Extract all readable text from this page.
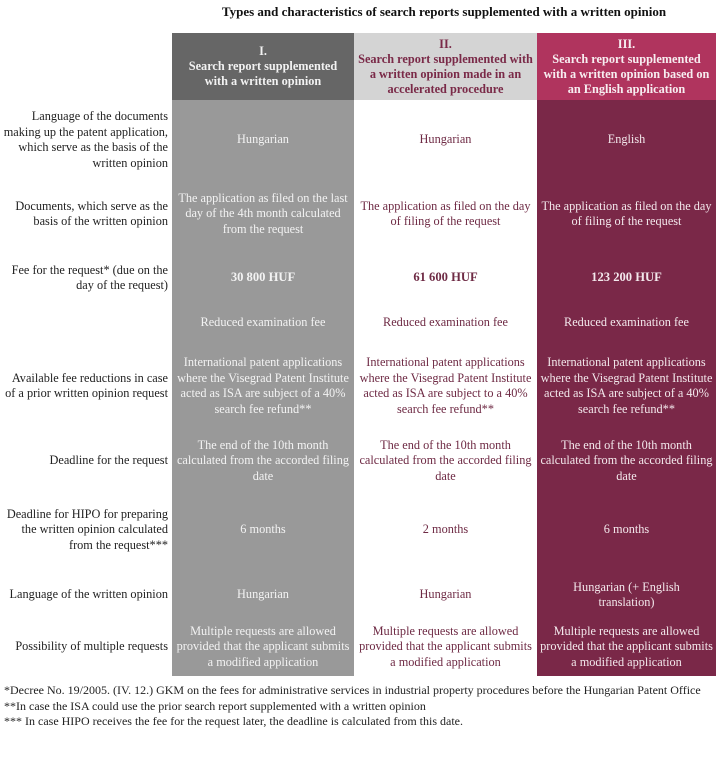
Types and characteristics of search reports supplemented with a written opinion
Language of the documents making up the patent application, which serve as the basis of the written opinion
Documents, which serve as the basis of the written opinion
Fee for the request* (due on the day of the request)
Available fee reductions in case of a prior written opinion request
Deadline for the request
Deadline for HIPO for preparing the written opinion calculated from the request***
Language of the written opinion
Possibility of multiple requests
I.
Search report supplemented with a written opinion
Hungarian
The application as filed on the last day of the 4th month calculated from the request
30 800 HUF
Reduced examination fee
International patent applications where the Visegrad Patent Institute acted as ISA are subject of a 40% search fee refund**
The end of the 10th month calculated from the accorded filing date
6 months
Hungarian
Multiple requests are allowed provided that the applicant submits a modified application
II.
Search report supplemented with a written opinion made in an accelerated procedure
Hungarian
The application as filed on the day of filing of the request
61 600 HUF
Reduced examination fee
International patent applications where the Visegrad Patent Institute acted as ISA are subject to a 40% search fee refund**
The end of the 10th month calculated from the accorded filing date
2 months
Hungarian
Multiple requests are allowed provided that the applicant submits a modified application
III.
Search report supplemented with a written opinion based on an English application
English
The application as filed on the day of filing of the request
123 200 HUF
Reduced examination fee
International patent applications where the Visegrad Patent Institute acted as ISA are subject of a 40% search fee refund**
The end of the 10th month calculated from the accorded filing date
6 months
Hungarian (+ English translation)
Multiple requests are allowed provided that the applicant submits a modified application
*Decree No. 19/2005. (IV. 12.) GKM on the fees for administrative services in industrial property procedures before the Hungarian Patent Office
**In case the ISA could use the prior search report supplemented with a written opinion
*** In case HIPO receives the fee for the request later, the deadline is calculated from this date.
